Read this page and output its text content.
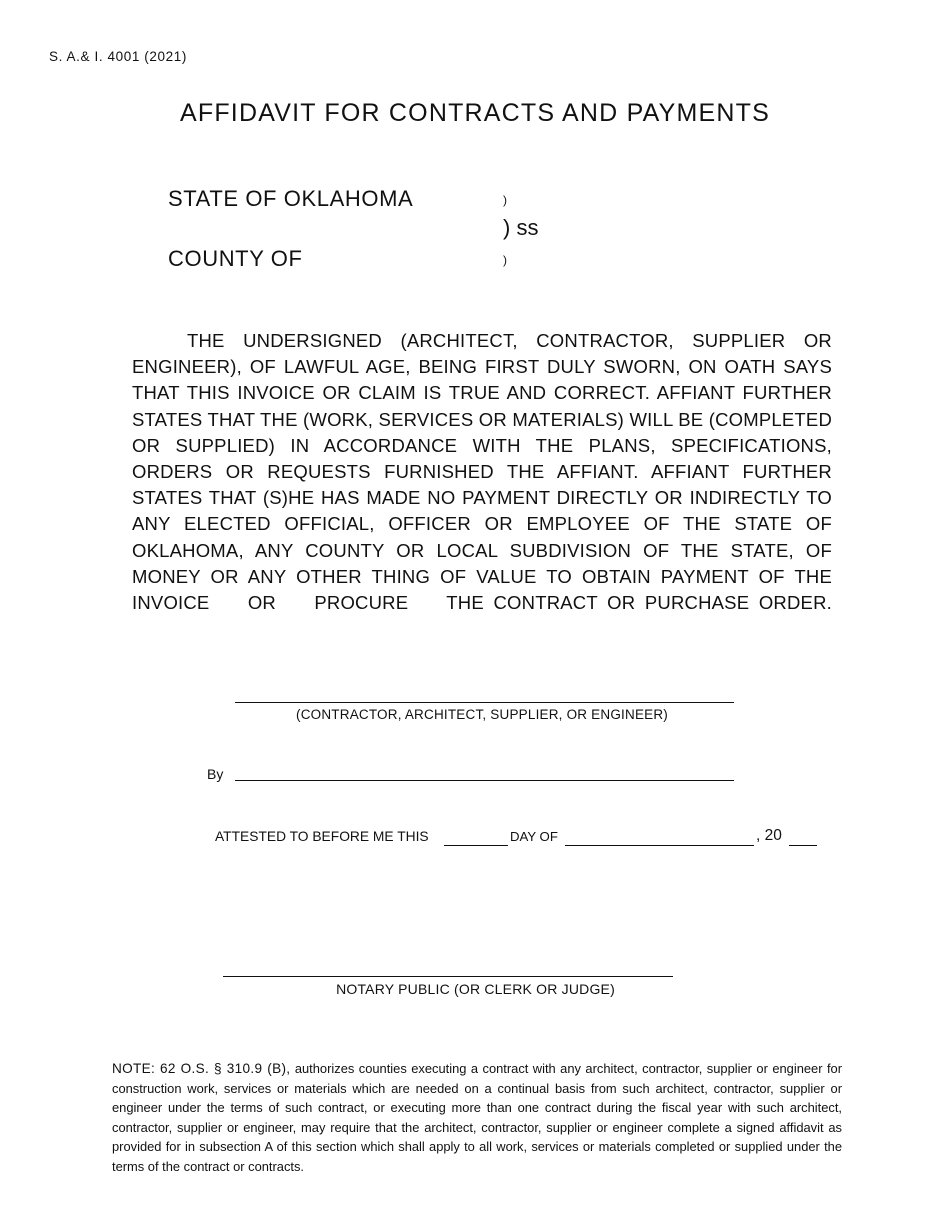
S. A.& I. 4001 (2021)
AFFIDAVIT FOR CONTRACTS AND PAYMENTS
STATE OF OKLAHOMA	)
) ss
COUNTY OF	)
THE UNDERSIGNED (ARCHITECT, CONTRACTOR, SUPPLIER OR ENGINEER), OF LAWFUL AGE, BEING FIRST DULY SWORN, ON OATH SAYS THAT THIS INVOICE OR CLAIM IS TRUE AND CORRECT. AFFIANT FURTHER STATES THAT THE (WORK, SERVICES OR MATERIALS) WILL BE (COMPLETED OR SUPPLIED) IN ACCORDANCE WITH THE PLANS, SPECIFICATIONS, ORDERS OR REQUESTS FURNISHED THE AFFIANT. AFFIANT FURTHER STATES THAT (S)HE HAS MADE NO PAYMENT DIRECTLY OR INDIRECTLY TO ANY ELECTED OFFICIAL, OFFICER OR EMPLOYEE OF THE STATE OF OKLAHOMA, ANY COUNTY OR LOCAL SUBDIVISION OF THE STATE, OF MONEY OR ANY OTHER THING OF VALUE TO OBTAIN PAYMENT OF THE
INVOICE    OR    PROCURE    THE CONTRACT OR PURCHASE ORDER.
(CONTRACTOR, ARCHITECT, SUPPLIER, OR ENGINEER)
By
ATTESTED TO BEFORE ME THIS	DAY OF	, 20
NOTARY PUBLIC (OR CLERK OR JUDGE)
NOTE: 62 O.S. § 310.9 (B), authorizes counties executing a contract with any architect, contractor, supplier or engineer for construction work, services or materials which are needed on a continual basis from such architect, contractor, supplier or engineer under the terms of such contract, or executing more than one contract during the fiscal year with such architect, contractor, supplier or engineer, may require that the architect, contractor, supplier or engineer complete a signed affidavit as provided for in subsection A of this section which shall apply to all work, services or materials completed or supplied under the terms of the contract or contracts.
